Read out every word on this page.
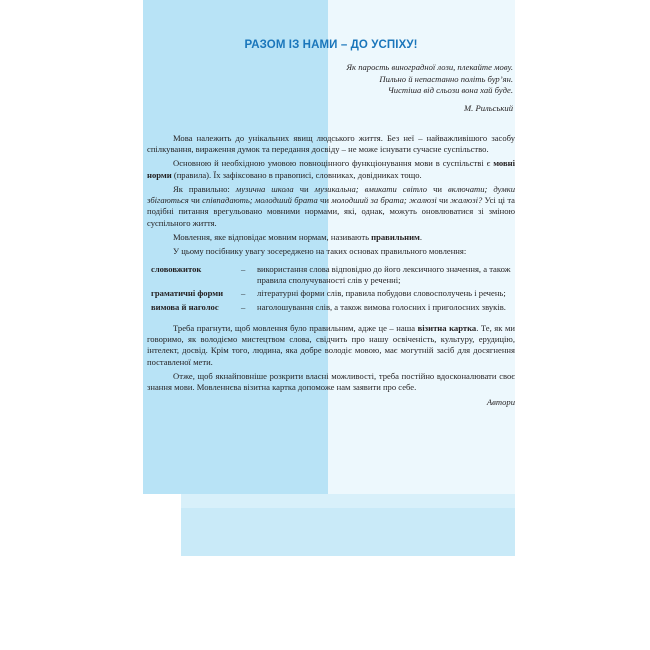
РАЗОМ ІЗ НАМИ – ДО УСПІХУ!
Як парость виноградної лози, плекайте мову.
Пильно й непастанно політь бур’ян.
Чистіша від сльози вона хай буде.
М. Рильський

Мова належить до унікальних явищ людського життя. Без неї – найважливішого засобу спілкування, вираження думок та передання досвіду – не може існувати сучасне суспільство.

Основною й необхідною умовою повноцінного функціонування мови в суспільстві є мовні норми (правила). Їх зафіксовано в правописі, словниках, довідниках тощо.

Як правильно: музична школа чи музикальна; вмикати світло чи включати; думки збігаються чи співпадають; молодший брата чи молодший за брата; жалюзі чи жалюзі? Усі ці та подібні питання врегульовано мовними нормами, які, однак, можуть оновлюватися зі зміною суспільного життя.

Мовлення, яке відповідає мовним нормам, називають правильним.

У цьому посібнику увагу зосереджено на таких основах правильного мовлення:

слововжиток	–	використання слова відповідно до його лексичного значення, а також правила сполучуваності слів у реченні;
граматичні форми	–	літературні форми слів, правила побудови словосполучень і речень;
вимова й наголос	–	наголошування слів, а також вимова голосних і приголосних звуків.

Треба прагнути, щоб мовлення було правильним, адже це – наша візитна картка. Те, як ми говоримо, як володіємо мистецтвом слова, свідчить про нашу освіченість, культуру, ерудицію, інтелект, досвід. Крім того, людина, яка добре володіє мовою, має могутній засіб для досягнення поставленої мети.

Отже, щоб якнайповніше розкрити власні можливості, треба постійно вдосконалювати своє знання мови. Мовленнєва візитна картка допоможе нам заявити про себе.

Автори
